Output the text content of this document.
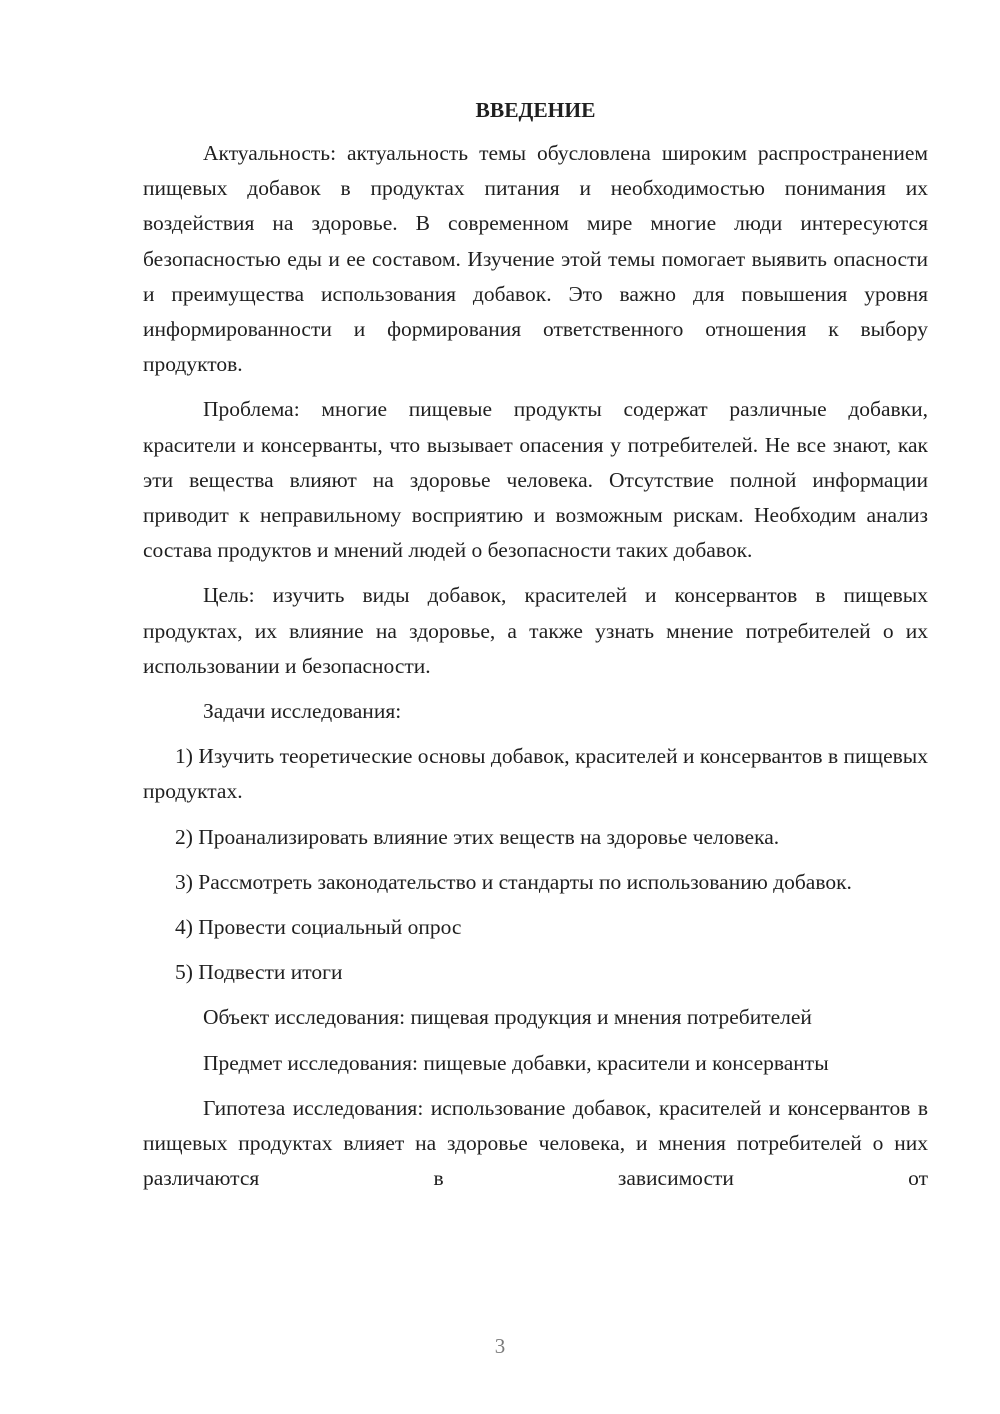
ВВЕДЕНИЕ

Актуальность: актуальность темы обусловлена широким распространением пищевых добавок в продуктах питания и необходимостью понимания их воздействия на здоровье. В современном мире многие люди интересуются безопасностью еды и ее составом. Изучение этой темы помогает выявить опасности и преимущества использования добавок. Это важно для повышения уровня информированности и формирования ответственного отношения к выбору продуктов.

Проблема: многие пищевые продукты содержат различные добавки, красители и консерванты, что вызывает опасения у потребителей. Не все знают, как эти вещества влияют на здоровье человека. Отсутствие полной информации приводит к неправильному восприятию и возможным рискам. Необходим анализ состава продуктов и мнений людей о безопасности таких добавок.

Цель: изучить виды добавок, красителей и консервантов в пищевых продуктах, их влияние на здоровье, а также узнать мнение потребителей о их использовании и безопасности.

Задачи исследования:

1) Изучить теоретические основы добавок, красителей и консервантов в пищевых продуктах.

2) Проанализировать влияние этих веществ на здоровье человека.

3) Рассмотреть законодательство и стандарты по использованию добавок.

4) Провести социальный опрос

5) Подвести итоги

Объект исследования: пищевая продукция и мнения потребителей

Предмет исследования: пищевые добавки, красители и консерванты

Гипотеза исследования: использование добавок, красителей и консервантов в пищевых продуктах влияет на здоровье человека, и мнения потребителей о них различаются в зависимости от

3
